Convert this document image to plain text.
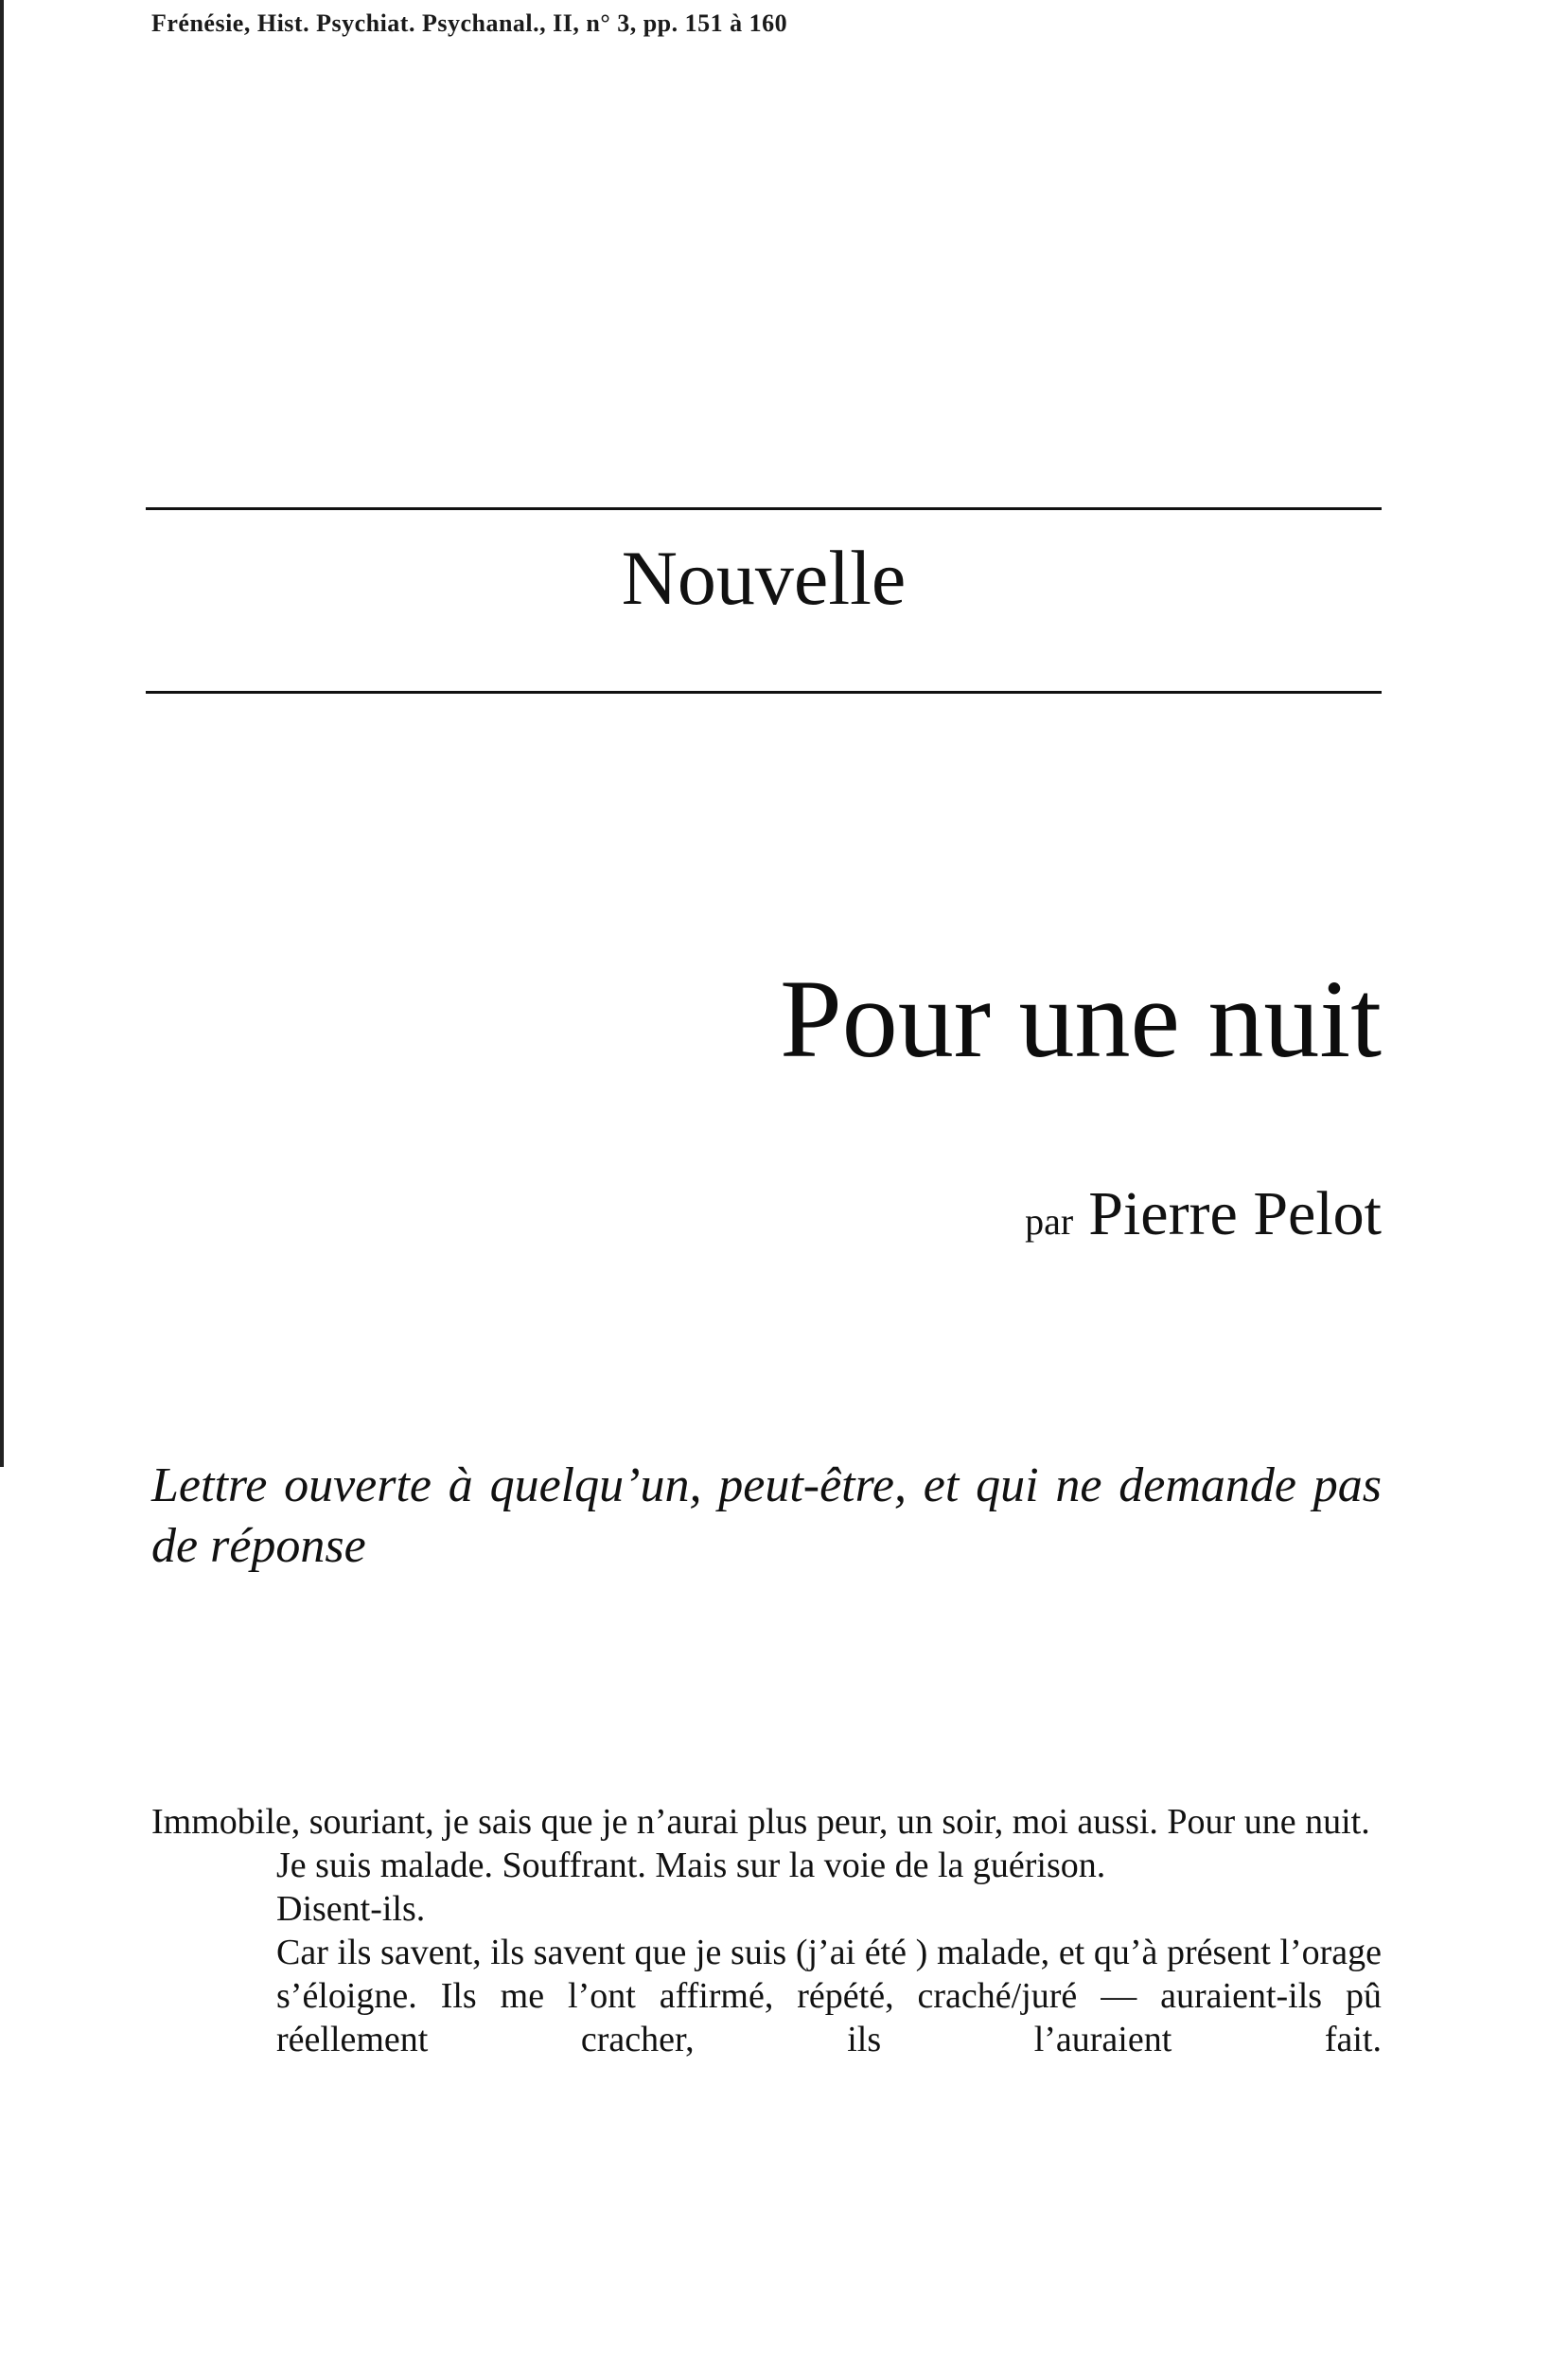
Frénésie, Hist. Psychiat. Psychanal., II, n° 3, pp. 151 à 160
Nouvelle
Pour une nuit
par Pierre Pelot
Lettre ouverte à quelqu’un, peut-être, et qui ne demande pas de réponse

Immobile, souriant, je sais que je n’aurai plus peur, un soir, moi aussi. Pour une nuit.

Je suis malade. Souffrant. Mais sur la voie de la guérison.

Disent-ils.

Car ils savent, ils savent que je suis (j’ai été ) malade, et qu’à présent l’orage s’éloigne. Ils me l’ont affirmé, répété, craché/juré — auraient-ils pû réellement cracher, ils l’auraient fait.
